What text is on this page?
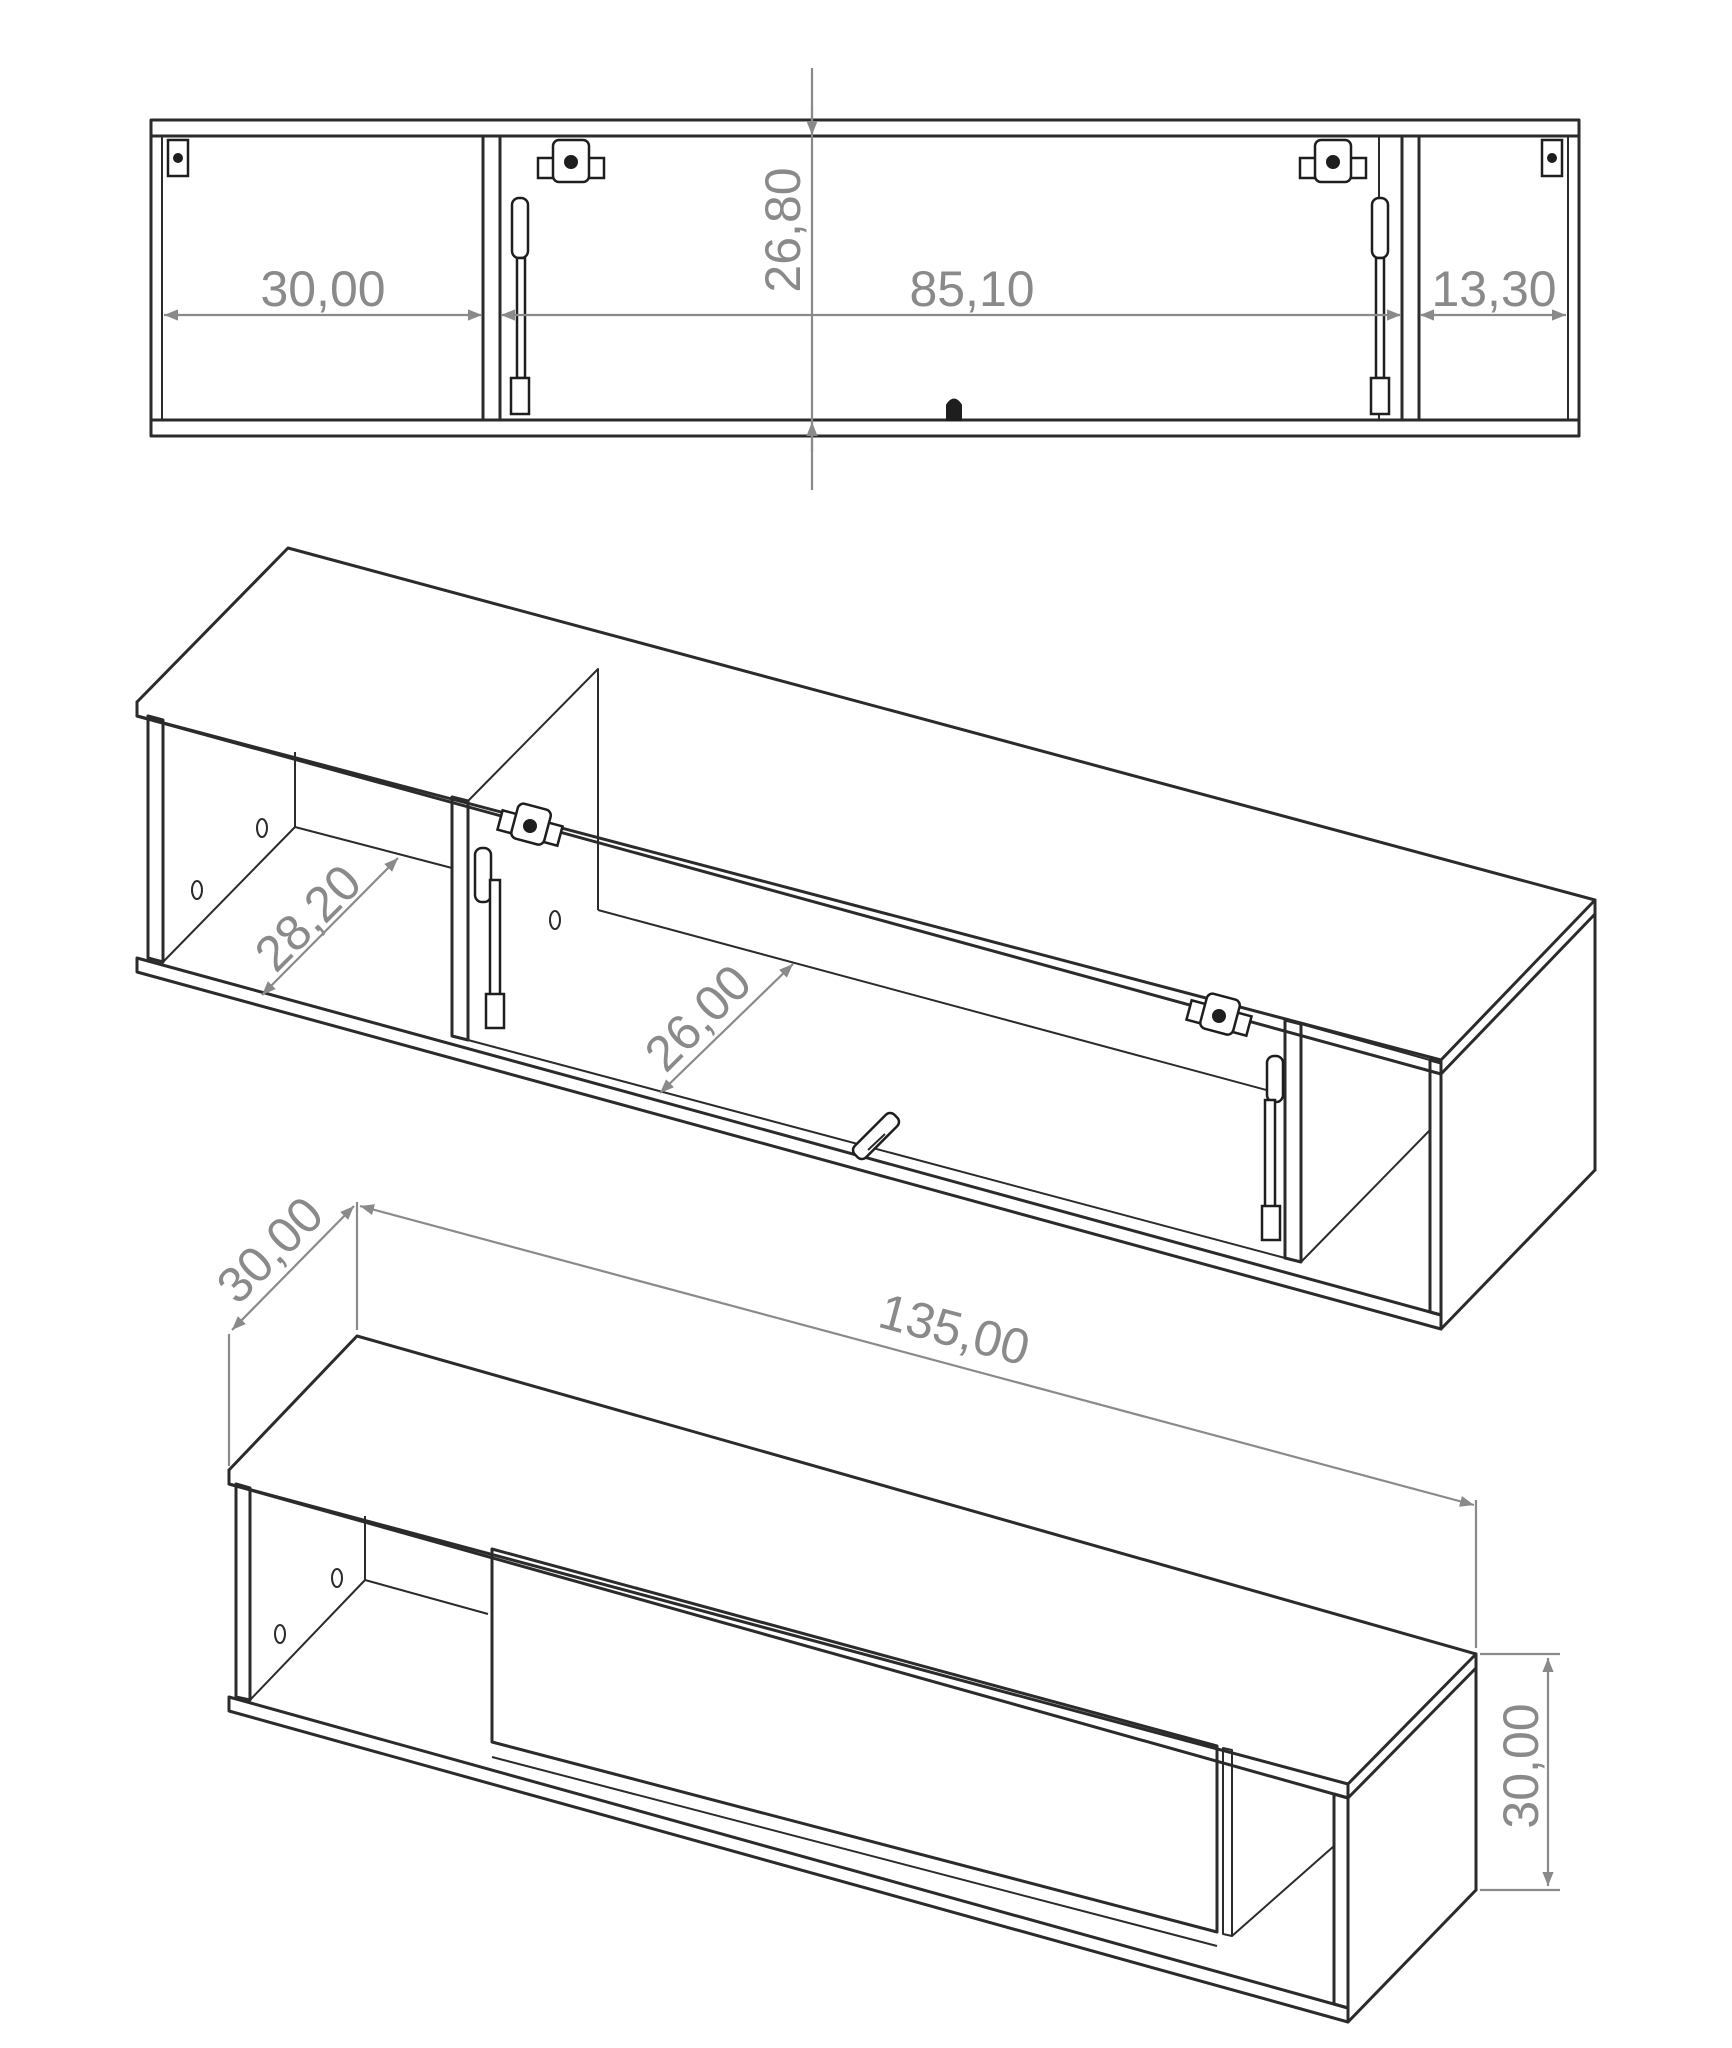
30,00	85,10	13,30
26,80
28,20
26,00
30,00
135,00
30,00
